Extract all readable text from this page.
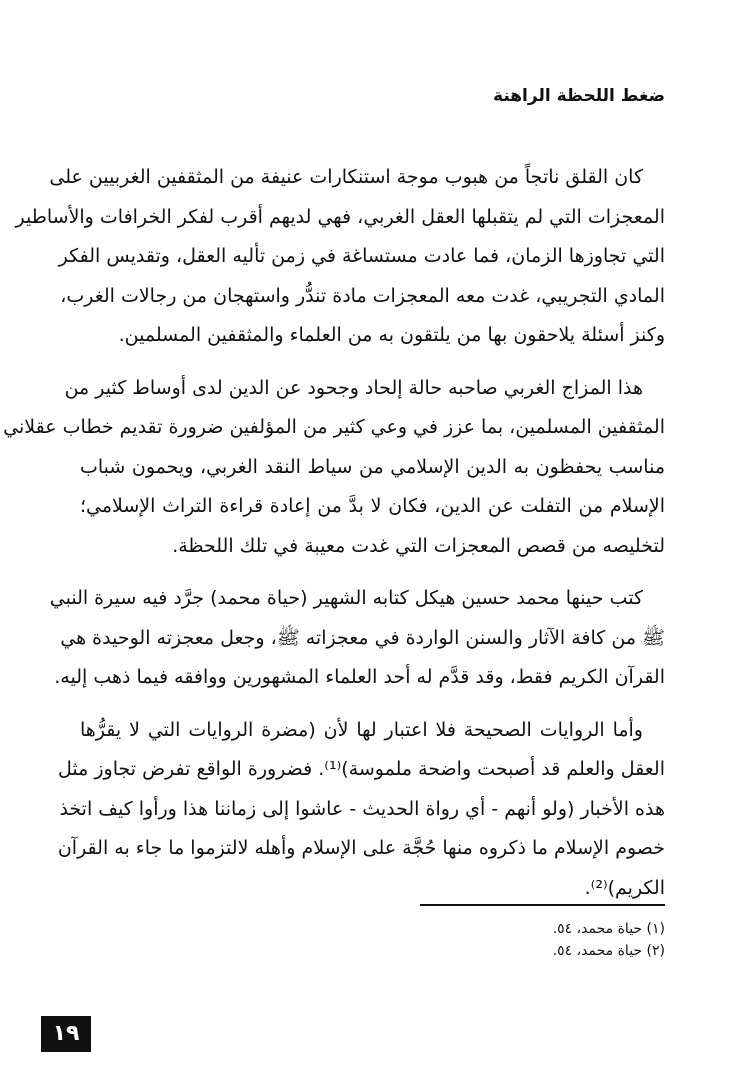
ضغط اللحظة الراهنة
كان القلق ناتجاً من هبوب موجة استنكارات عنيفة من المثقفين الغربيين على
المعجزات التي لم يتقبلها العقل الغربي، فهي لديهم أقرب لفكر الخرافات والأساطير
التي تجاوزها الزمان، فما عادت مستساغة في زمن تأليه العقل، وتقديس الفكر
المادي التجريبي، غدت معه المعجزات مادة تندُّر واستهجان من رجالات الغرب،
وكنز أسئلة يلاحقون بها من يلتقون به من العلماء والمثقفين المسلمين.
هذا المزاج الغربي صاحبه حالة إلحاد وجحود عن الدين لدى أوساط كثير من
المثقفين المسلمين، بما عزز في وعي كثير من المؤلفين ضرورة تقديم خطاب عقلاني
مناسب يحفظون به الدين الإسلامي من سياط النقد الغربي، ويحمون شباب
الإسلام من التفلت عن الدين، فكان لا بدَّ من إعادة قراءة التراث الإسلامي؛
لتخليصه من قصص المعجزات التي غدت معيبة في تلك اللحظة.
كتب حينها محمد حسين هيكل كتابه الشهير (حياة محمد) جرَّد فيه سيرة النبي
ﷺ من كافة الآثار والسنن الواردة في معجزاته ﷺ، وجعل معجزته الوحيدة هي
القرآن الكريم فقط، وقد قدَّم له أحد العلماء المشهورين ووافقه فيما ذهب إليه.
وأما الروايات الصحيحة فلا اعتبار لها لأن (مضرة الروايات التي لا يقرُّها
العقل والعلم قد أصبحت واضحة ملموسة)⁽¹⁾. فضرورة الواقع تفرض تجاوز مثل
هذه الأخبار (ولو أنهم - أي رواة الحديث - عاشوا إلى زماننا هذا ورأوا كيف اتخذ
خصوم الإسلام ما ذكروه منها حُجَّة على الإسلام وأهله لالتزموا ما جاء به القرآن
الكريم)⁽²⁾.
(١) حياة محمد، ٥٤.
(٢) حياة محمد، ٥٤.
١٩
